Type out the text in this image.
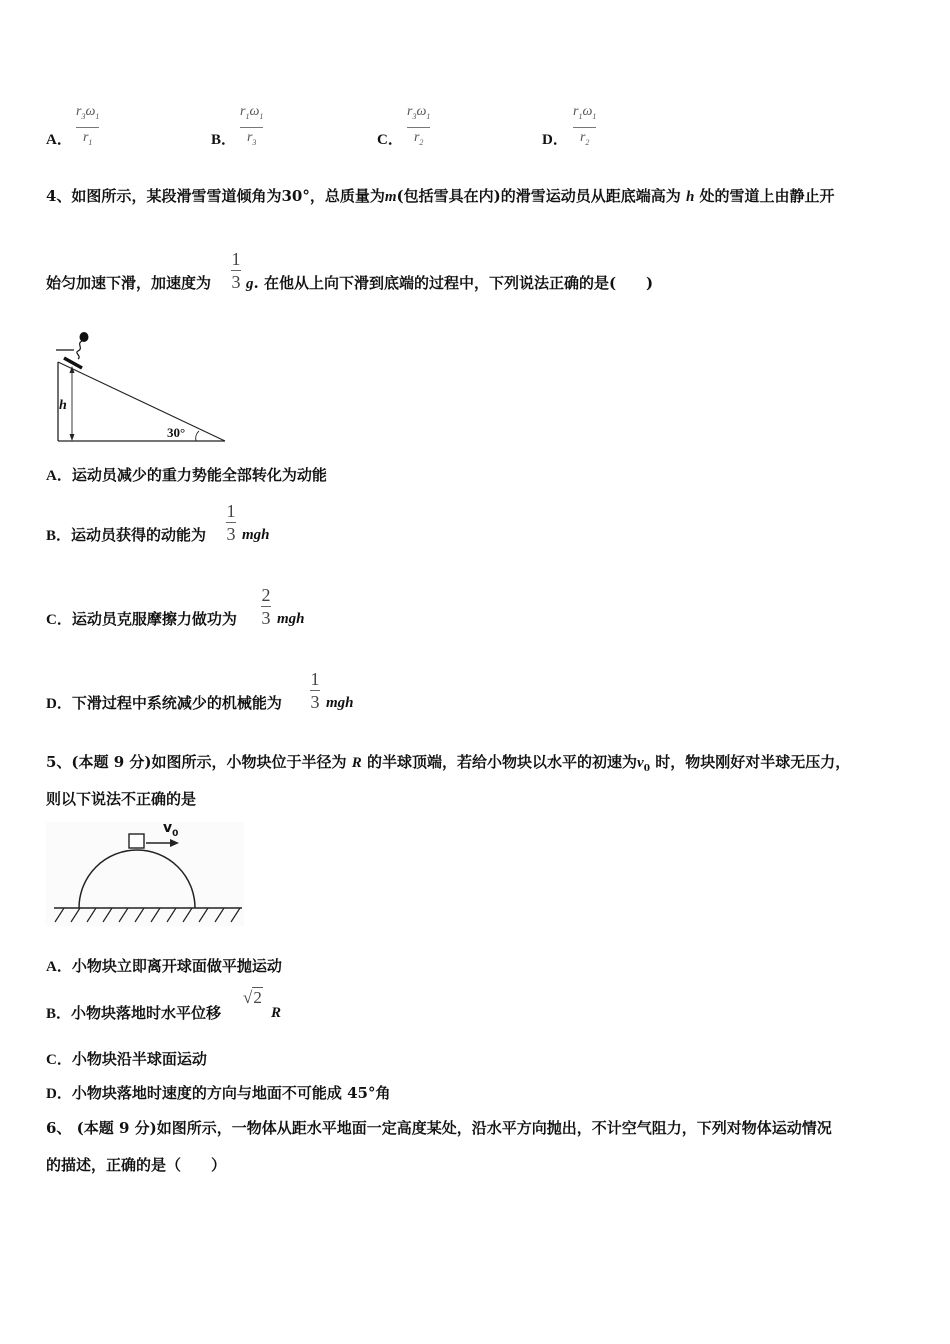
A．
$r_3\omega_1$
$r_1$	B．
$r_1\omega_1$
$r_3$	C．
$r_3\omega_1$
$r_2$	D．
$r_1\omega_1$
$r_2$
4、如图所示，某段滑雪雪道倾角为30°，总质量为m(包括雪具在内)的滑雪运动员从距底端高为 h 处的雪道上由静止开
始匀加速下滑，加速度为
1
3 g. 在他从上向下滑到底端的过程中，下列说法正确的是(　　)
h
30°
A．运动员减少的重力势能全部转化为动能
B．运动员获得的动能为
1
3 mgh
C．运动员克服摩擦力做功为
2
3 mgh
D．下滑过程中系统减少的机械能为
1
3 mgh
5、(本题 9 分)如图所示，小物块位于半径为 R 的半球顶端，若给小物块以水平的初速为$v_0$ 时，物块刚好对半球无压力，
则以下说法不正确的是
$v_0$
A．小物块立即离开球面做平抛运动
B．小物块落地时水平位移
√2
R
C．小物块沿半球面运动
D．小物块落地时速度的方向与地面不可能成 45°角
6、 (本题 9 分)如图所示，一物体从距水平地面一定高度某处，沿水平方向抛出，不计空气阻力，下列对物体运动情况
的描述，正确的是（　　）
